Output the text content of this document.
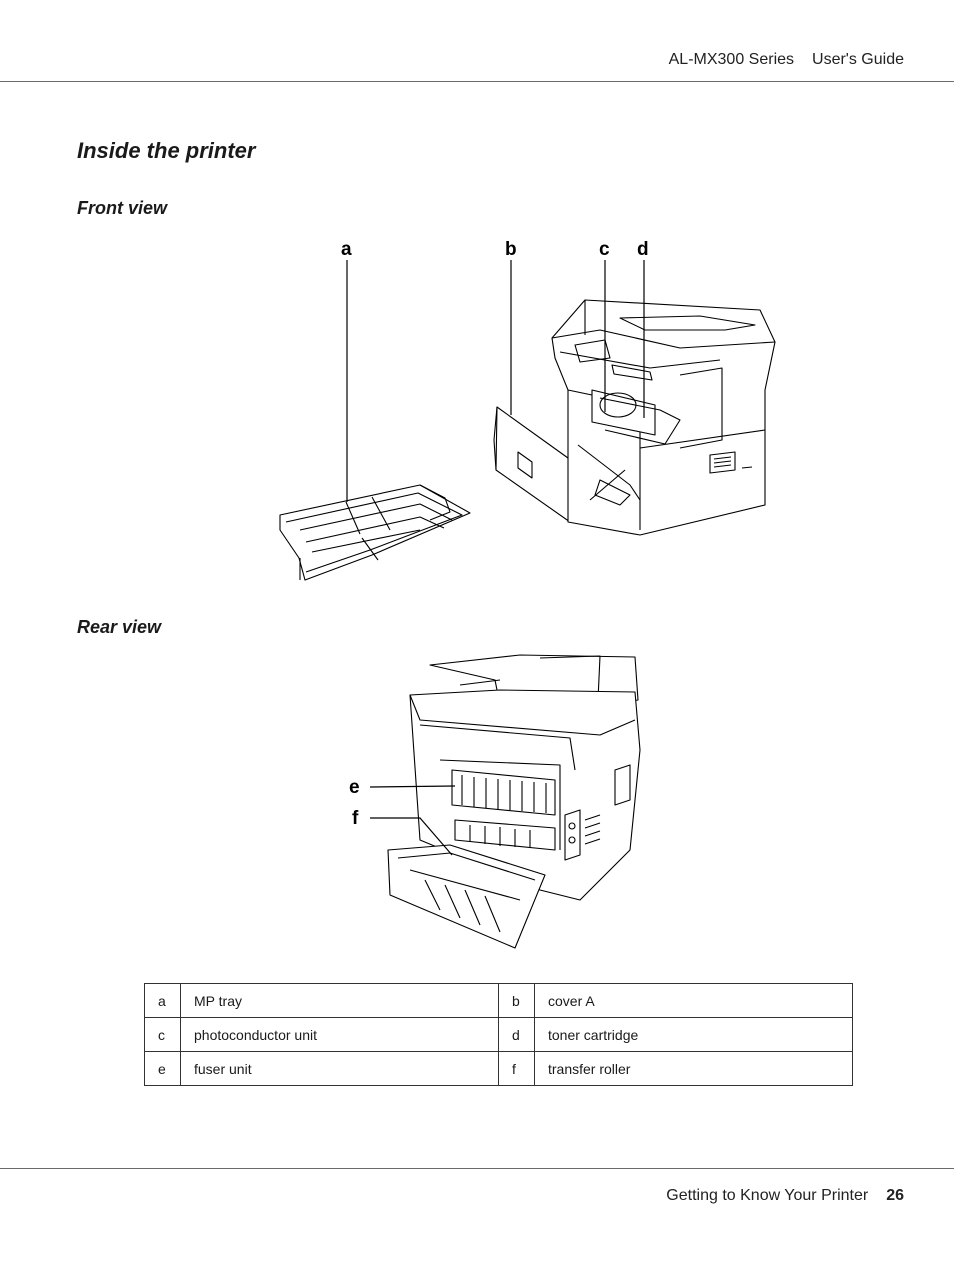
AL-MX300 Series User's Guide
Inside the printer
Front view
a	b	c d
Rear view
e
f
a	MP tray	b	cover A
c	photoconductor unit	d	toner cartridge
e	fuser unit	f	transfer roller
Getting to Know Your Printer 26
